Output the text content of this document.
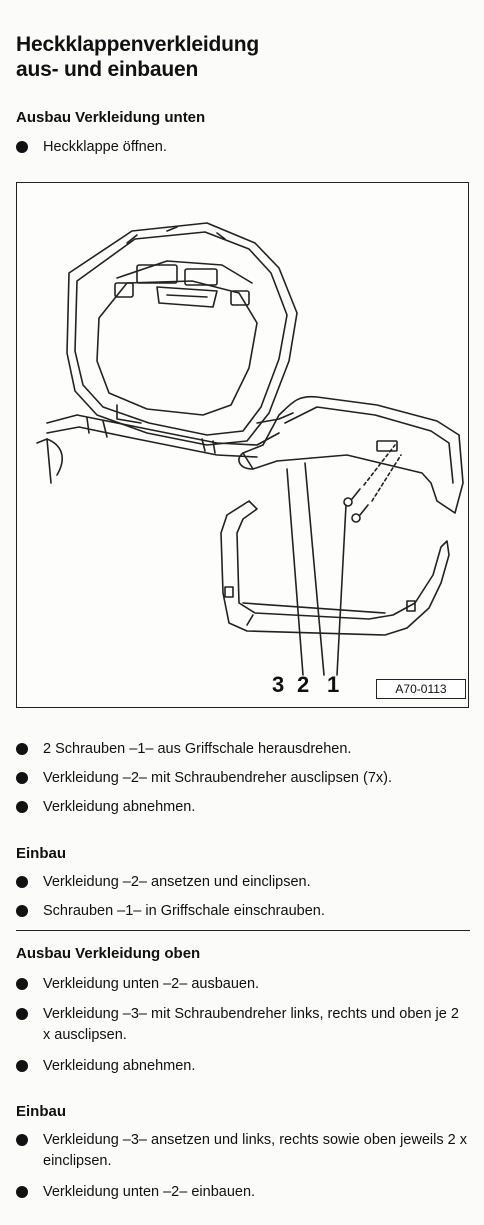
Heckklappenverkleidung
aus- und einbauen
Ausbau Verkleidung unten
Heckklappe öffnen.
3 2 1	A70-0113
2 Schrauben –1– aus Griffschale herausdrehen.
Verkleidung –2– mit Schraubendreher ausclipsen (7x).
Verkleidung abnehmen.
Einbau
Verkleidung –2– ansetzen und einclipsen.
Schrauben –1– in Griffschale einschrauben.
Ausbau Verkleidung oben
Verkleidung unten –2– ausbauen.
Verkleidung –3– mit Schraubendreher links, rechts und oben je 2 x ausclipsen.
Verkleidung abnehmen.
Einbau
Verkleidung –3– ansetzen und links, rechts sowie oben jeweils 2 x einclipsen.
Verkleidung unten –2– einbauen.
